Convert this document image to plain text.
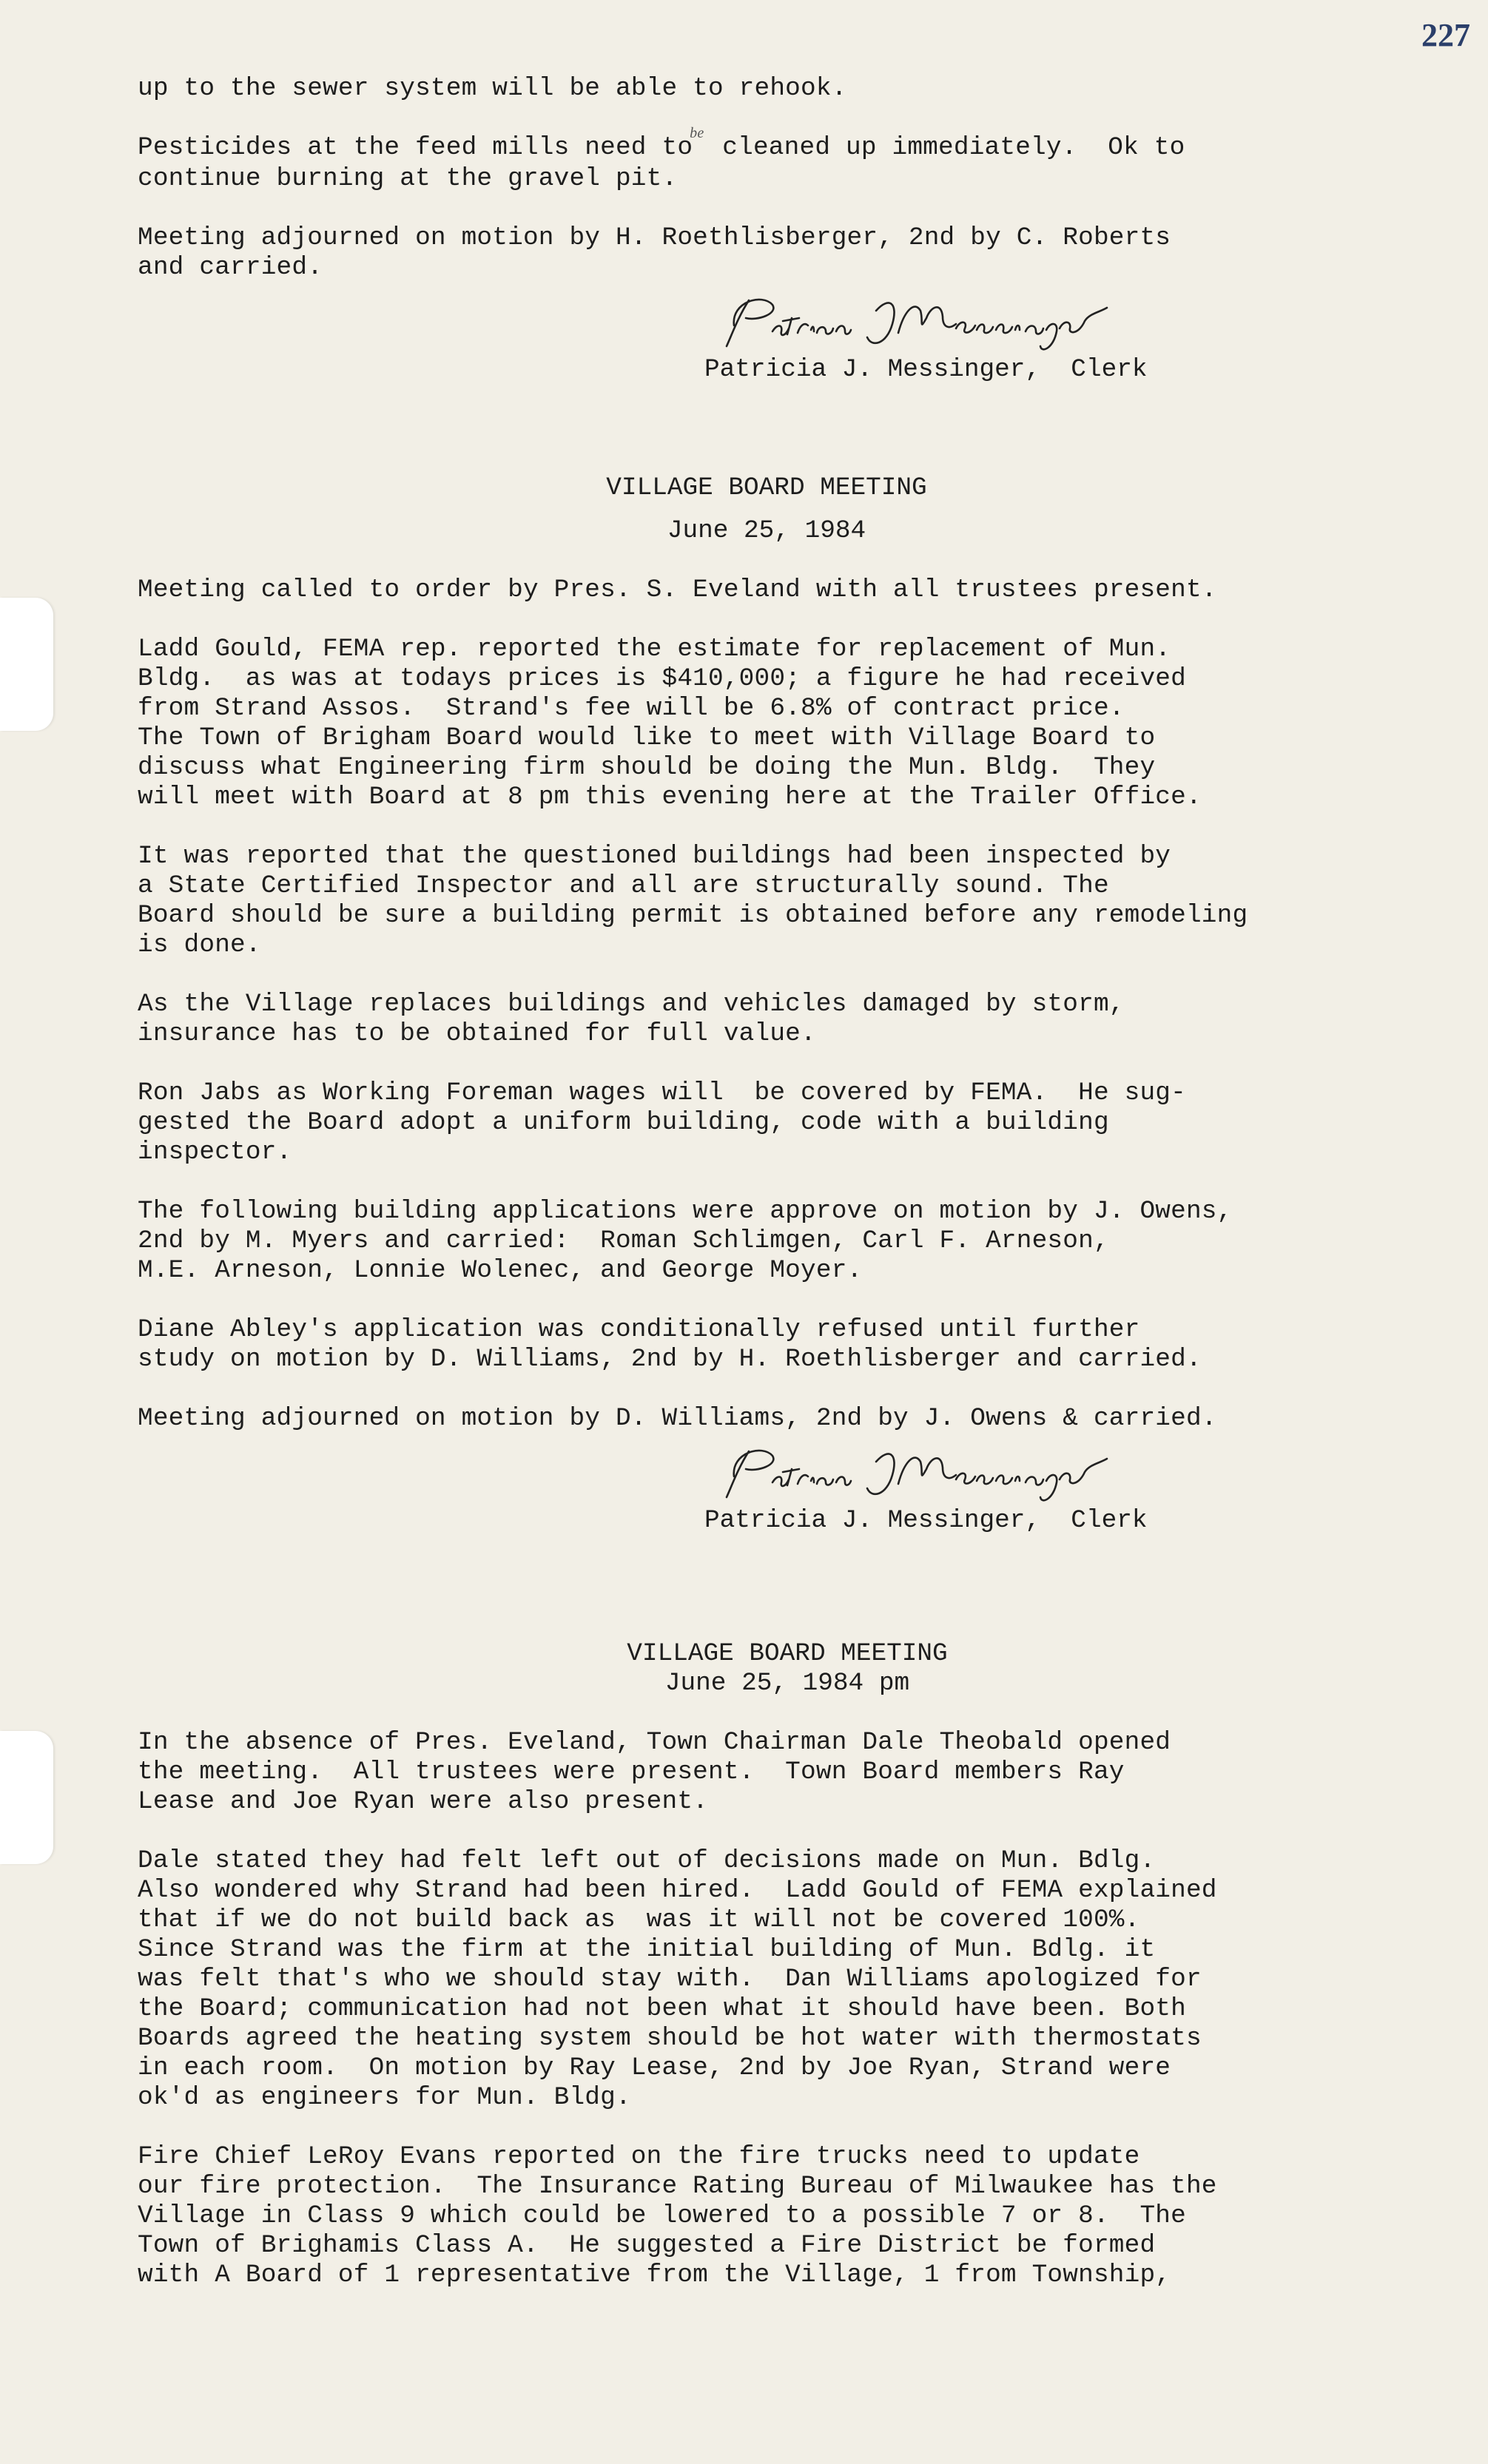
227

up to the sewer system will be able to rehook.

Pesticides at the feed mills need $to^{be}$ cleaned up immediately.  Ok to
continue burning at the gravel pit.

Meeting adjourned on motion by H. Roethlisberger, 2nd by C. Roberts
and carried.

Patricia J. Messinger,  Clerk

VILLAGE BOARD MEETING

June 25, 1984

Meeting called to order by Pres. S. Eveland with all trustees present.

Ladd Gould, FEMA rep. reported the estimate for replacement of Mun.
Bldg.  as was at todays prices is $410,000; a figure he had received
from Strand Assos.  Strand's fee will be 6.8% of contract price.
The Town of Brigham Board would like to meet with Village Board to
discuss what Engineering firm should be doing the Mun. Bldg.  They
will meet with Board at 8 pm this evening here at the Trailer Office.

It was reported that the questioned buildings had been inspected by
a State Certified Inspector and all are structurally sound. The
Board should be sure a building permit is obtained before any remodeling
is done.

As the Village replaces buildings and vehicles damaged by storm,
insurance has to be obtained for full value.

Ron Jabs as Working Foreman wages will  be covered by FEMA.  He sug-
gested the Board adopt a uniform building, code with a building
inspector.

The following building applications were approve on motion by J. Owens,
2nd by M. Myers and carried:  Roman Schlimgen, Carl F. Arneson,
M.E. Arneson, Lonnie Wolenec, and George Moyer.

Diane Abley's application was conditionally refused until further
study on motion by D. Williams, 2nd by H. Roethlisberger and carried.

Meeting adjourned on motion by D. Williams, 2nd by J. Owens & carried.

Patricia J. Messinger,  Clerk

VILLAGE BOARD MEETING

June 25, 1984 pm

In the absence of Pres. Eveland, Town Chairman Dale Theobald opened
the meeting.  All trustees were present.  Town Board members Ray
Lease and Joe Ryan were also present.

Dale stated they had felt left out of decisions made on Mun. Bdlg.
Also wondered why Strand had been hired.  Ladd Gould of FEMA explained
that if we do not build back as  was it will not be covered 100%.
Since Strand was the firm at the initial building of Mun. Bdlg. it
was felt that's who we should stay with.  Dan Williams apologized for
the Board; communication had not been what it should have been. Both
Boards agreed the heating system should be hot water with thermostats
in each room.  On motion by Ray Lease, 2nd by Joe Ryan, Strand were
ok'd as engineers for Mun. Bldg.

Fire Chief LeRoy Evans reported on the fire trucks need to update
our fire protection.  The Insurance Rating Bureau of Milwaukee has the
Village in Class 9 which could be lowered to a possible 7 or 8.  The
Town of Brighamis Class A.  He suggested a Fire District be formed
with A Board of 1 representative from the Village, 1 from Township,
